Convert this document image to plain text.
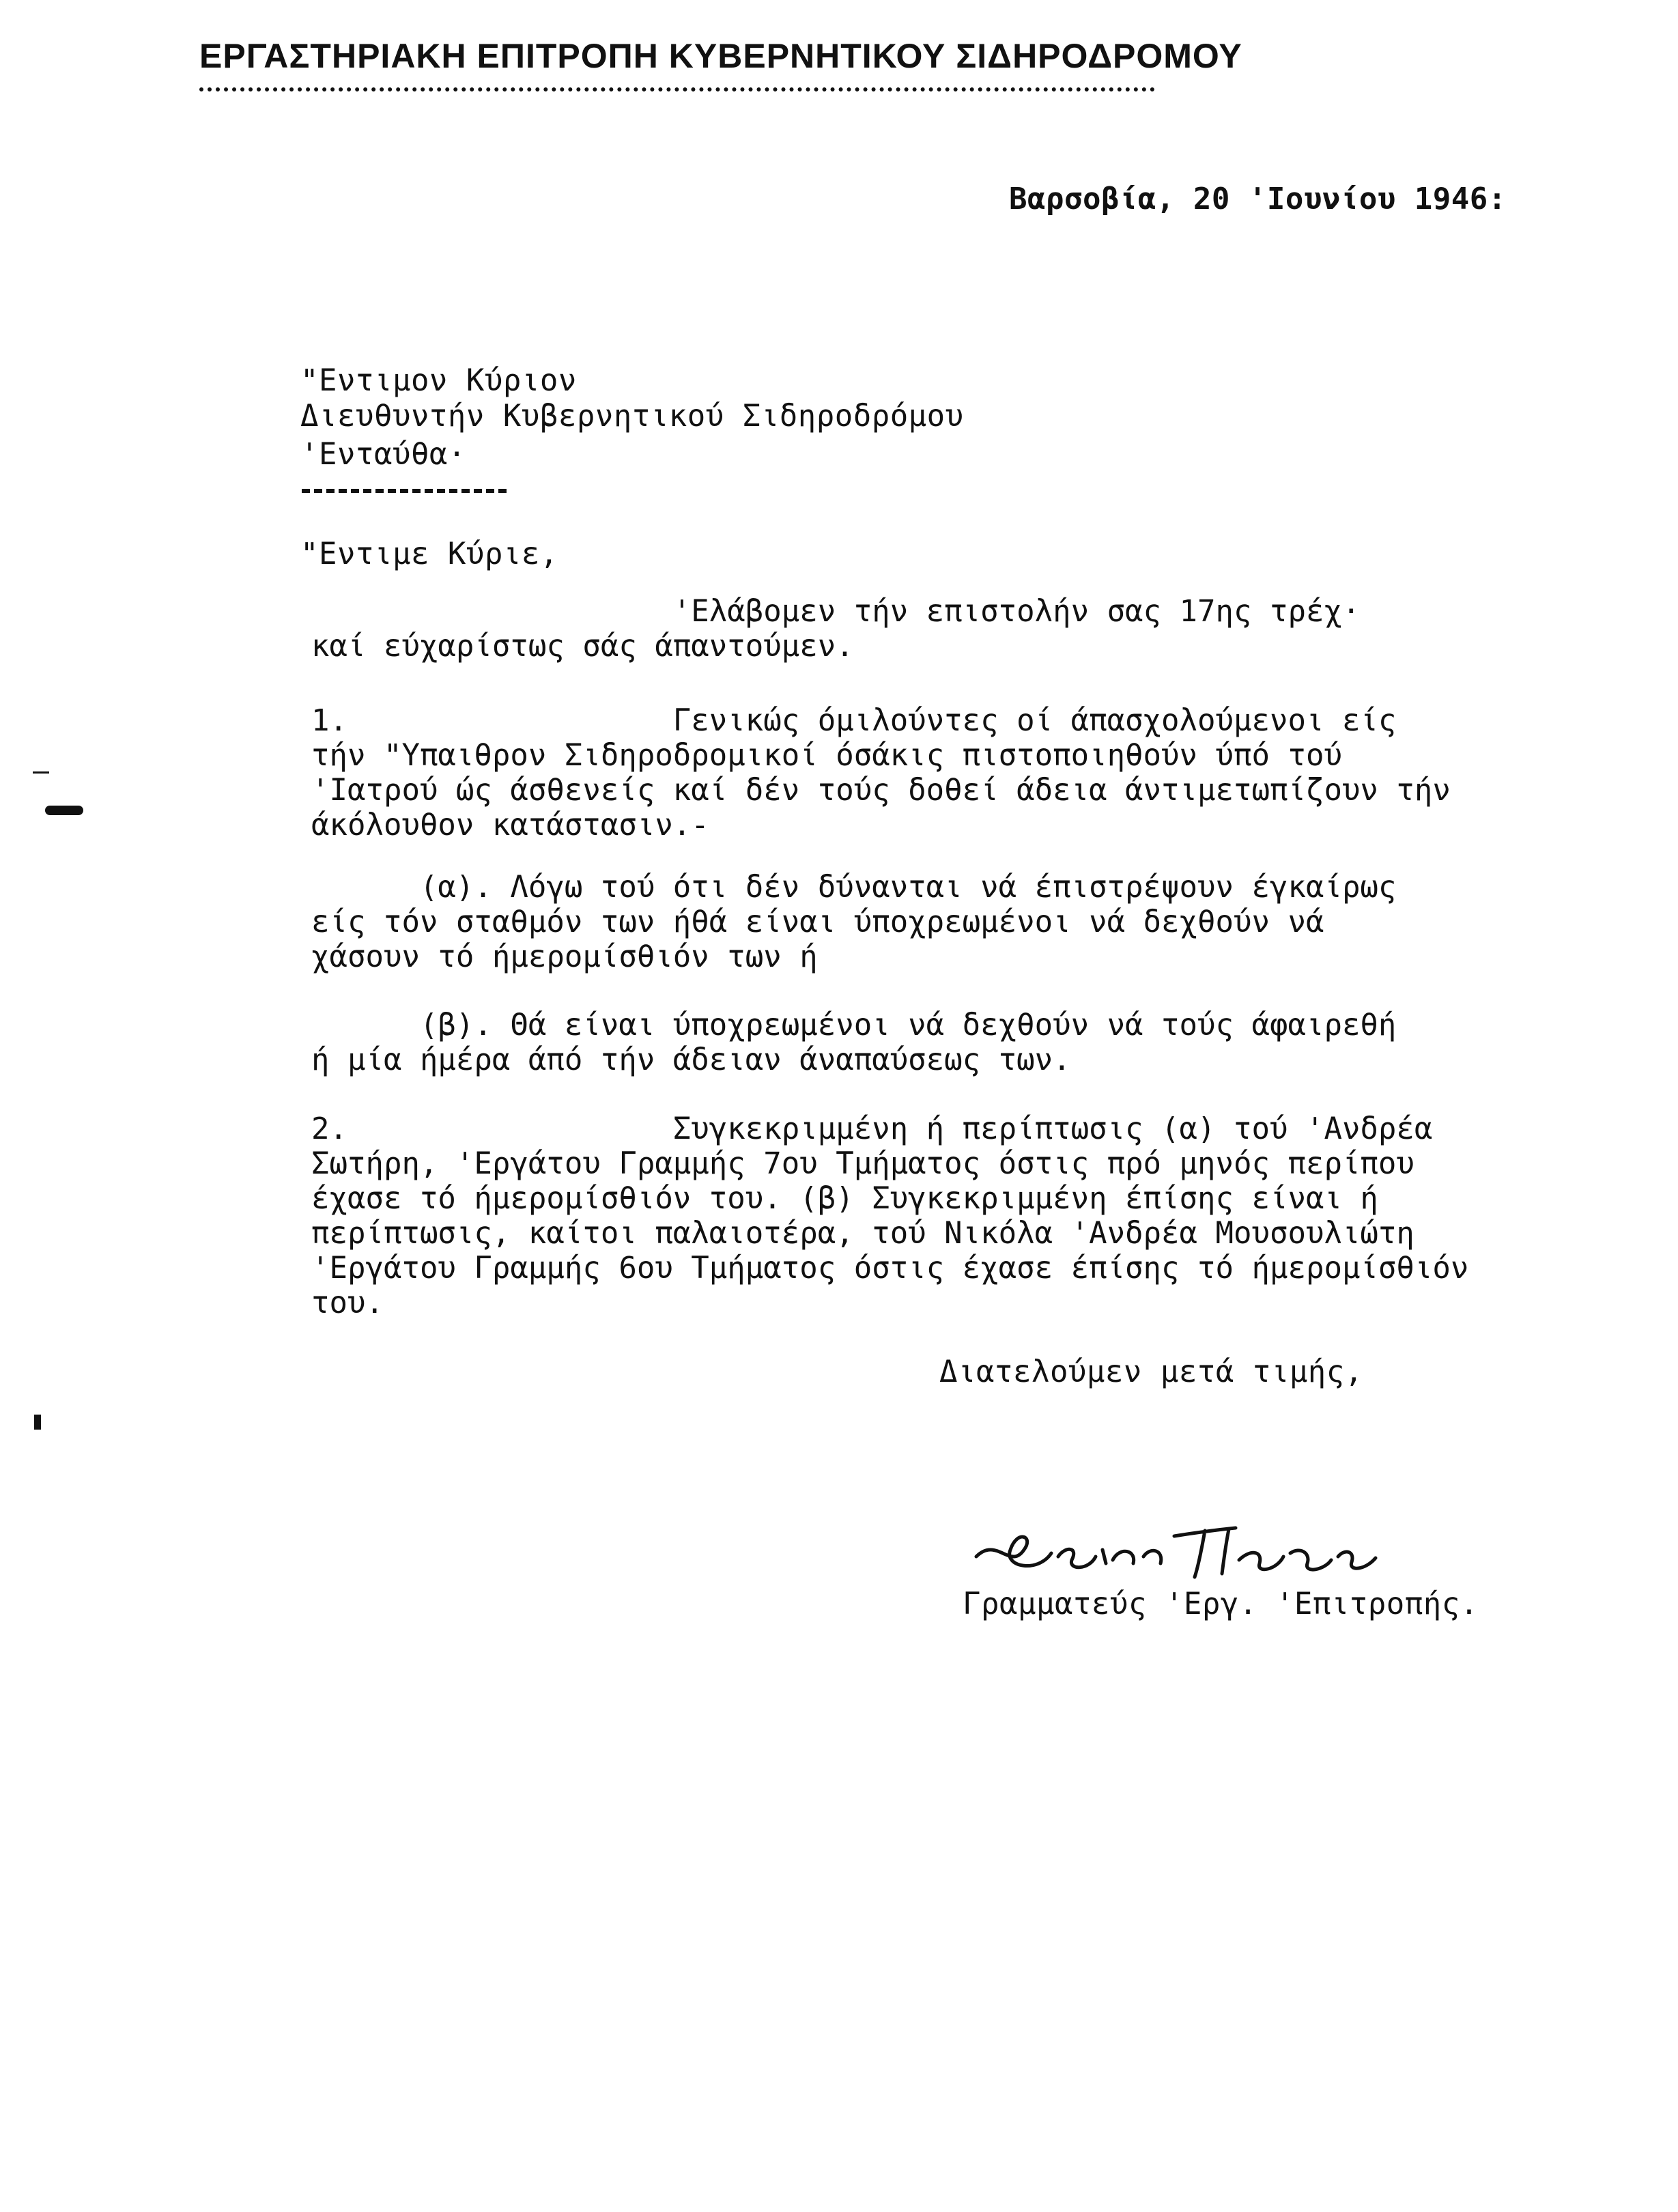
ΕΡΓΑΣΤΗΡΙΑΚΗ ΕΠΙΤΡΟΠΗ ΚΥΒΕΡΝΗΤΙΚΟΥ ΣΙΔΗΡΟΔΡΟΜΟΥ
Βαρσοβία, 20 'Ιουνίου 1946:
"Εντιμον Κύριον
Διευθυντήν Κυβερνητικού Σιδηροδρόμου
'Ενταύθα·
"Εντιμε Κύριε,
'Ελάβομεν τήν επιστολήν σας 17ης τρέχ·
καί εύχαρίστως σάς άπαντούμεν.
1.                  Γενικώς όμιλούντες οί άπασχολούμενοι είς
τήν "Υπαιθρον Σιδηροδρομικοί όσάκις πιστοποιηθούν ύπό τού
'Ιατρού ώς άσθενείς καί δέν τούς δοθεί άδεια άντιμετωπίζουν τήν
άκόλουθον κατάστασιν.-
(α). Λόγω τού ότι δέν δύνανται νά έπιστρέψουν έγκαίρως
είς τόν σταθμόν των ήθά είναι ύποχρεωμένοι νά δεχθούν νά
χάσουν τό ήμερομίσθιόν των ή
(β). Θά είναι ύποχρεωμένοι νά δεχθούν νά τούς άφαιρεθή
ή μία ήμέρα άπό τήν άδειαν άναπαύσεως των.
2.                  Συγκεκριμμένη ή περίπτωσις (α) τού 'Ανδρέα
Σωτήρη, 'Εργάτου Γραμμής 7ου Τμήματος όστις πρό μηνός περίπου
έχασε τό ήμερομίσθιόν του. (β) Συγκεκριμμένη έπίσης είναι ή
περίπτωσις, καίτοι παλαιοτέρα, τού Νικόλα 'Ανδρέα Μουσουλιώτη
'Εργάτου Γραμμής 6ου Τμήματος όστις έχασε έπίσης τό ήμερομίσθιόν
του.
Διατελούμεν μετά τιμής,
Γραμματεύς 'Εργ. 'Επιτροπής.
